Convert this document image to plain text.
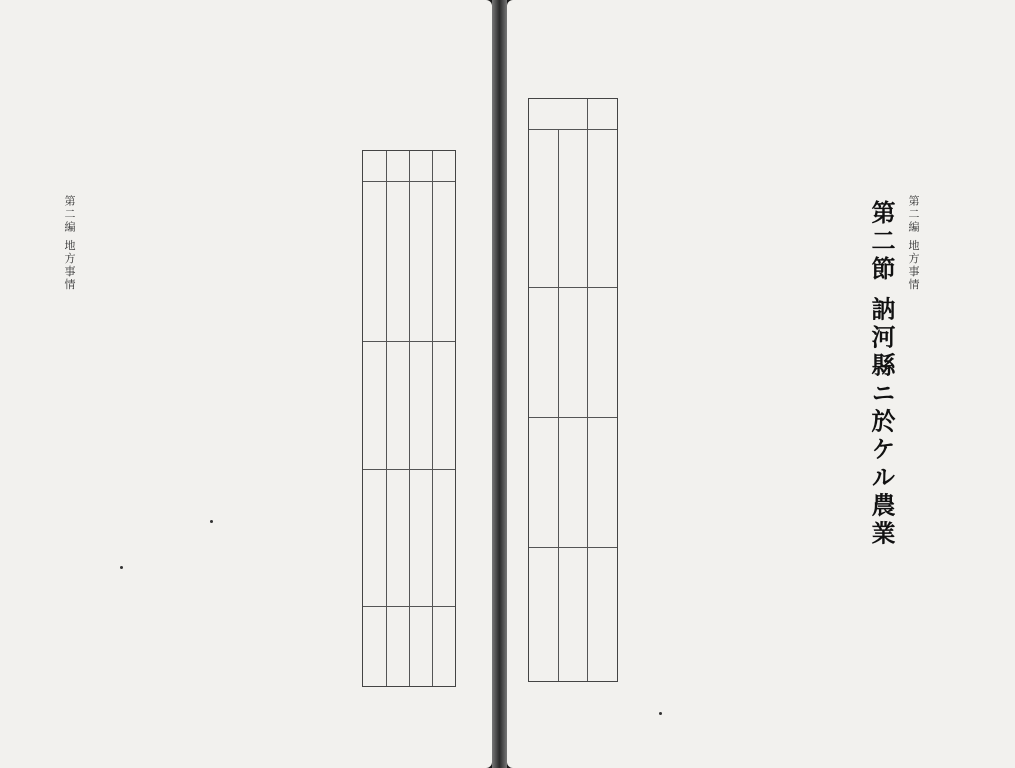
第二編 地方事情	第二編 地方事情
第二節 訥河縣ニ於ケル農業
